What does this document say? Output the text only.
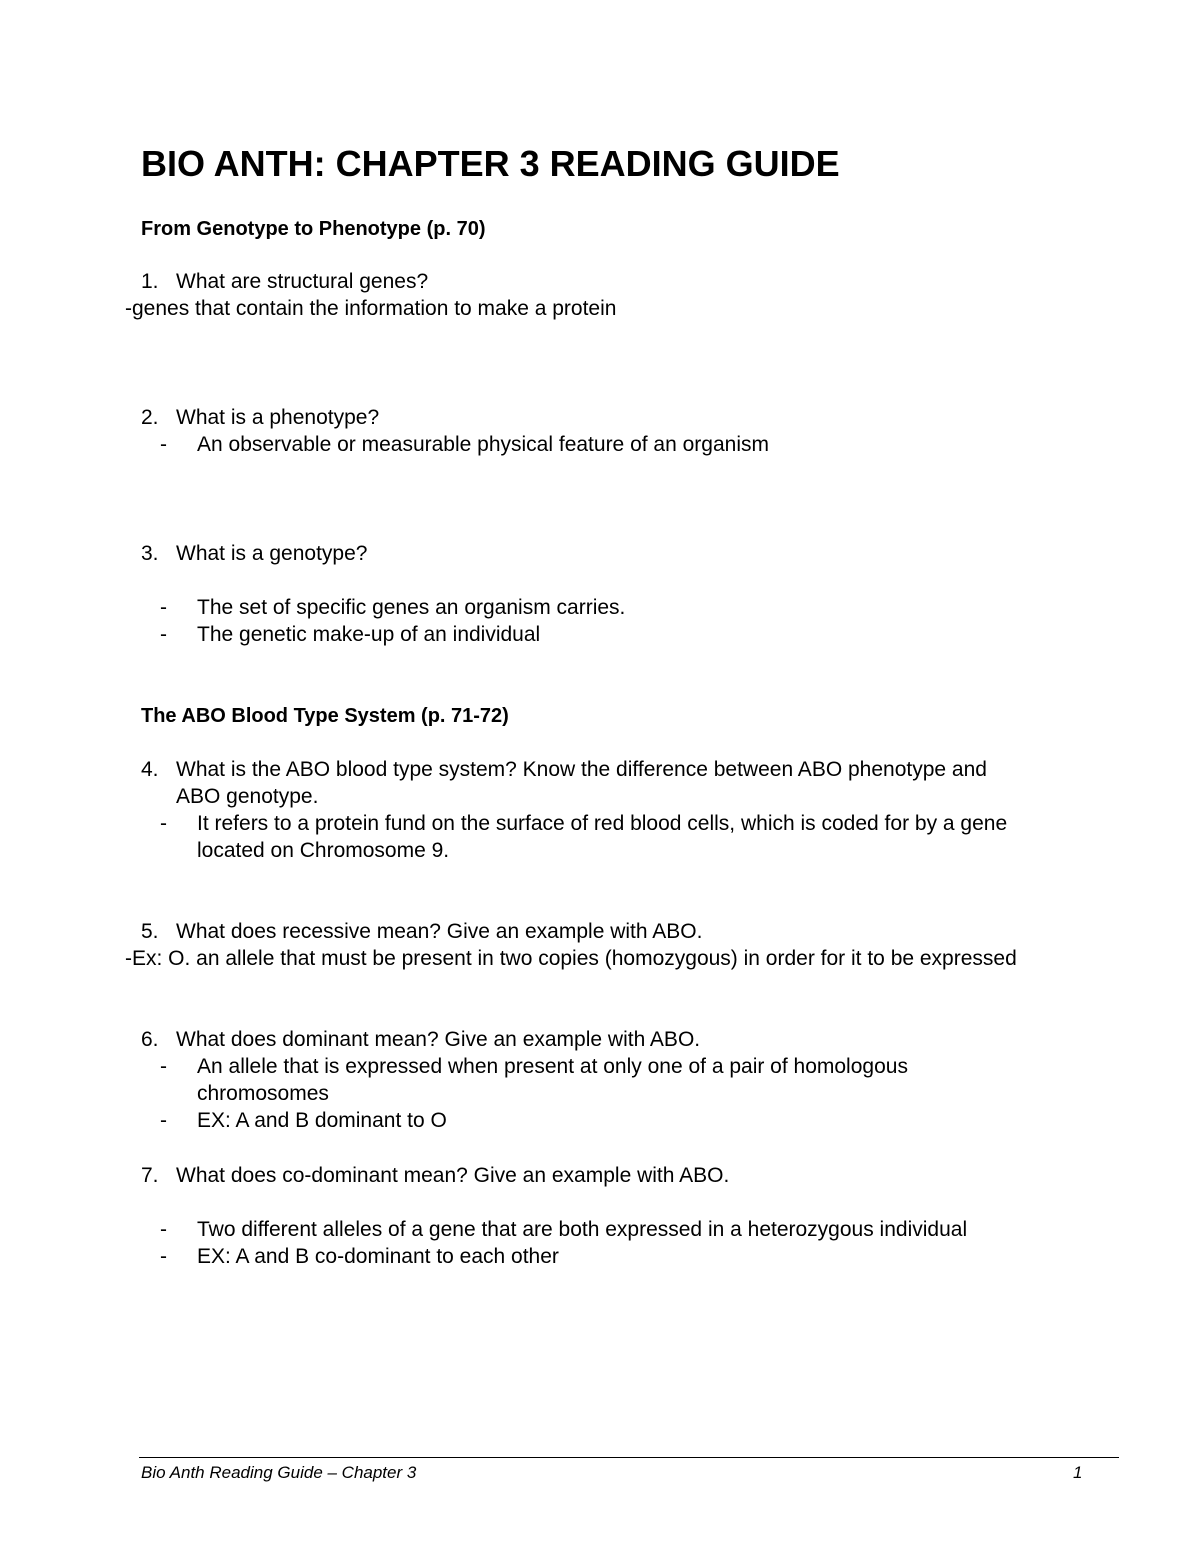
BIO ANTH: CHAPTER 3 READING GUIDE
From Genotype to Phenotype (p. 70)
1. What are structural genes?
-genes that contain the information to make a protein
2. What is a phenotype?
- An observable or measurable physical feature of an organism
3. What is a genotype?
- The set of specific genes an organism carries.
- The genetic make-up of an individual
The ABO Blood Type System (p. 71-72)
4. What is the ABO blood type system? Know the difference between ABO phenotype and
ABO genotype.
- It refers to a protein fund on the surface of red blood cells, which is coded for by a gene
located on Chromosome 9.
5. What does recessive mean? Give an example with ABO.
-Ex: O. an allele that must be present in two copies (homozygous) in order for it to be expressed
6. What does dominant mean? Give an example with ABO.
- An allele that is expressed when present at only one of a pair of homologous
chromosomes
- EX: A and B dominant to O
7. What does co-dominant mean? Give an example with ABO.
- Two different alleles of a gene that are both expressed in a heterozygous individual
- EX: A and B co-dominant to each other
Bio Anth Reading Guide – Chapter 3	1
